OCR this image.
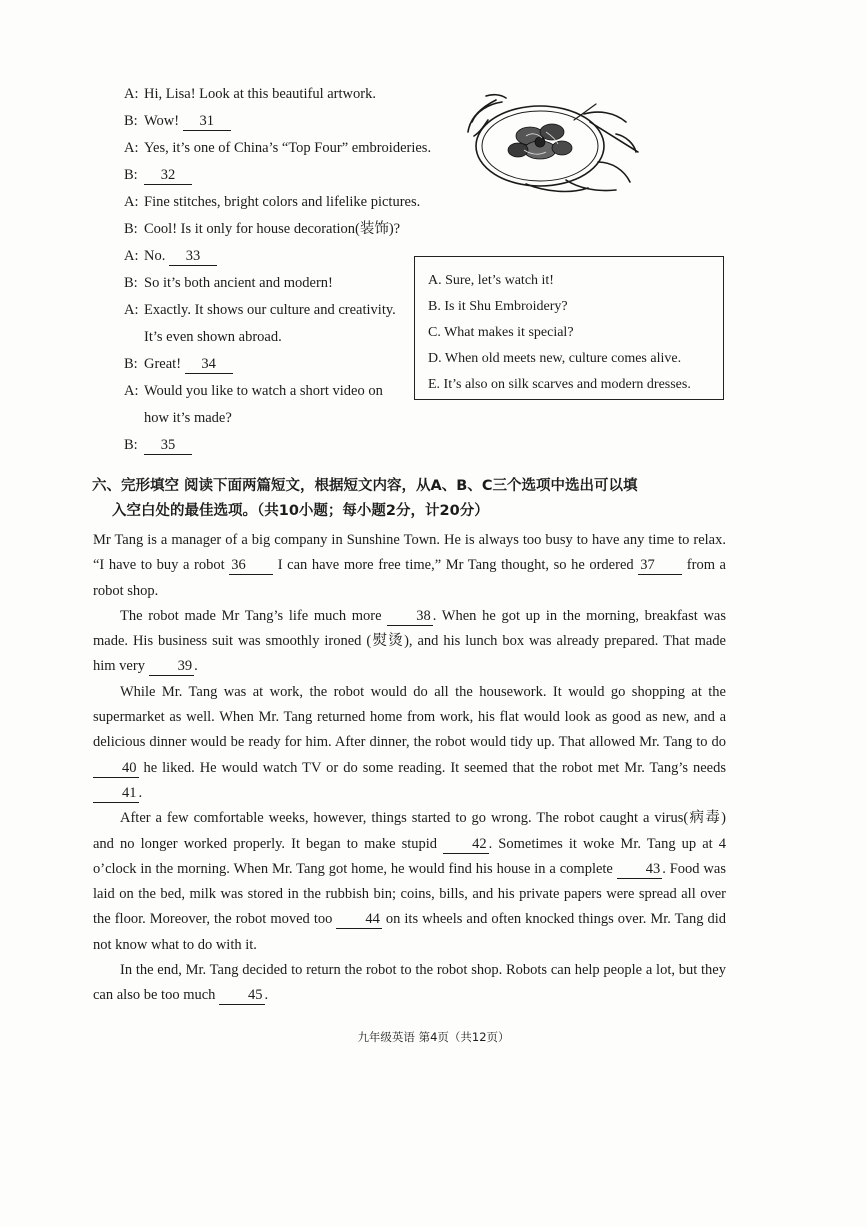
A: Hi, Lisa! Look at this beautiful artwork.
B: Wow! 31
A: Yes, it’s one of China’s “Top Four” embroideries.
B:	32
A: Fine stitches, bright colors and lifelike pictures.
B: Cool! Is it only for house decoration(装饰)?
A: No. 33
B: So it’s both ancient and modern!
A: Exactly. It shows our culture and creativity.
It’s even shown abroad.
B: Great! 34
A: Would you like to watch a short video on
how it’s made?
B:	35
A. Sure, let’s watch it!
B. Is it Shu Embroidery?
C. What makes it special?
D. When old meets new, culture comes alive.
E. It’s also on silk scarves and modern dresses.
六、完形填空 阅读下面两篇短文，根据短文内容，从A、B、C三个选项中选出可以填
入空白处的最佳选项。（共10小题；每小题2分，计20分）

Mr Tang is a manager of a big company in Sunshine Town. He is always too busy to have any time to relax. “I have to buy a robot 36 I can have more free time,” Mr Tang thought, so he ordered 37 from a robot shop.

The robot made Mr Tang’s life much more 38 . When he got up in the morning, breakfast was made. His business suit was smoothly ironed (熨烫), and his lunch box was already prepared. That made him very 39 .

While Mr. Tang was at work, the robot would do all the housework. It would go shopping at the supermarket as well. When Mr. Tang returned home from work, his flat would look as good as new, and a delicious dinner would be ready for him. After dinner, the robot would tidy up. That allowed Mr. Tang to do 40 he liked. He would watch TV or do some reading. It seemed that the robot met Mr. Tang’s needs 41 .

After a few comfortable weeks, however, things started to go wrong. The robot caught a virus(病毒) and no longer worked properly. It began to make stupid 42 . Sometimes it woke Mr. Tang up at 4 o’clock in the morning. When Mr. Tang got home, he would find his house in a complete 43 . Food was laid on the bed, milk was stored in the rubbish bin; coins, bills, and his private papers were spread all over the floor. Moreover, the robot moved too 44 on its wheels and often knocked things over. Mr. Tang did not know what to do with it.

In the end, Mr. Tang decided to return the robot to the robot shop. Robots can help people a lot, but they can also be too much 45 .

九年级英语 第4页（共12页）
